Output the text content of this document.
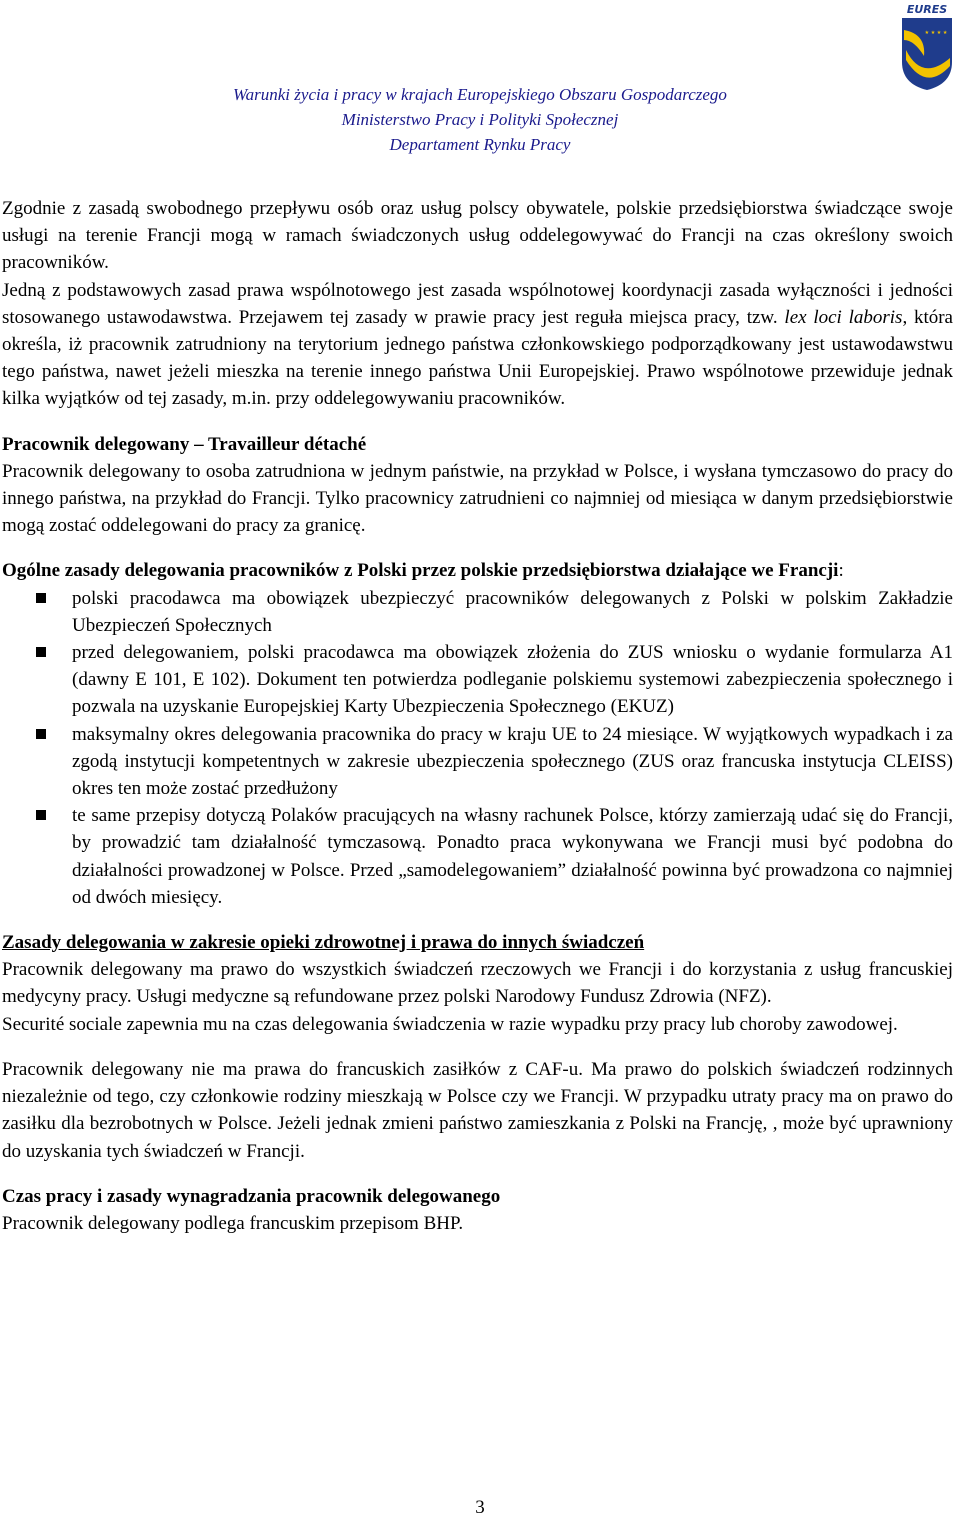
EURES
★ ★ ★ ★
Warunki życia i pracy w krajach Europejskiego Obszaru Gospodarczego
Ministerstwo Pracy i Polityki Społecznej
Departament Rynku Pracy

Zgodnie z zasadą swobodnego przepływu osób oraz usług polscy obywatele, polskie przedsiębiorstwa świadczące swoje usługi na terenie Francji mogą w ramach świadczonych usług oddelegowywać do Francji na czas określony swoich pracowników.

Jedną z podstawowych zasad prawa wspólnotowego jest zasada wspólnotowej koordynacji zasada wyłączności i jedności stosowanego ustawodawstwa. Przejawem tej zasady w prawie pracy jest reguła miejsca pracy, tzw. lex loci laboris, która określa, iż pracownik zatrudniony na terytorium jednego państwa członkowskiego podporządkowany jest ustawodawstwu tego państwa, nawet jeżeli mieszka na terenie innego państwa Unii Europejskiej. Prawo wspólnotowe przewiduje jednak kilka wyjątków od tej zasady, m.in. przy oddelegowywaniu pracowników.

Pracownik delegowany – Travailleur détaché

Pracownik delegowany to osoba zatrudniona w jednym państwie, na przykład w Polsce, i wysłana tymczasowo do pracy do innego państwa, na przykład do Francji. Tylko pracownicy zatrudnieni co najmniej od miesiąca w danym przedsiębiorstwie mogą zostać oddelegowani do pracy za granicę.

Ogólne zasady delegowania pracowników z Polski przez polskie przedsiębiorstwa działające we Francji:
polski pracodawca ma obowiązek ubezpieczyć pracowników delegowanych z Polski w polskim Zakładzie Ubezpieczeń Społecznych
przed delegowaniem, polski pracodawca ma obowiązek złożenia do ZUS wniosku o wydanie formularza A1 (dawny E 101, E 102). Dokument ten potwierdza podleganie polskiemu systemowi zabezpieczenia społecznego i pozwala na uzyskanie Europejskiej Karty Ubezpieczenia Społecznego (EKUZ)
maksymalny okres delegowania pracownika do pracy w kraju UE to 24 miesiące. W wyjątkowych wypadkach i za zgodą instytucji kompetentnych w zakresie ubezpieczenia społecznego (ZUS oraz francuska instytucja CLEISS) okres ten może zostać przedłużony
te same przepisy dotyczą Polaków pracujących na własny rachunek Polsce, którzy zamierzają udać się do Francji, by prowadzić tam działalność tymczasową. Ponadto praca wykonywana we Francji musi być podobna do działalności prowadzonej w Polsce. Przed „samodelegowaniem” działalność powinna być prowadzona co najmniej od dwóch miesięcy.
Zasady delegowania w zakresie opieki zdrowotnej i prawa do innych świadczeń

Pracownik delegowany ma prawo do wszystkich świadczeń rzeczowych we Francji i do korzystania z usług francuskiej medycyny pracy. Usługi medyczne są refundowane przez polski Narodowy Fundusz Zdrowia (NFZ).

Securité sociale zapewnia mu na czas delegowania świadczenia w razie wypadku przy pracy lub choroby zawodowej.

Pracownik delegowany nie ma prawa do francuskich zasiłków z CAF-u. Ma prawo do polskich świadczeń rodzinnych niezależnie od tego, czy członkowie rodziny mieszkają w Polsce czy we Francji. W przypadku utraty pracy ma on prawo do zasiłku dla bezrobotnych w Polsce. Jeżeli jednak zmieni państwo zamieszkania z Polski na Francję, , może być uprawniony do uzyskania tych świadczeń w Francji.

Czas pracy i zasady wynagradzania pracownik delegowanego

Pracownik delegowany podlega francuskim przepisom BHP.

3
